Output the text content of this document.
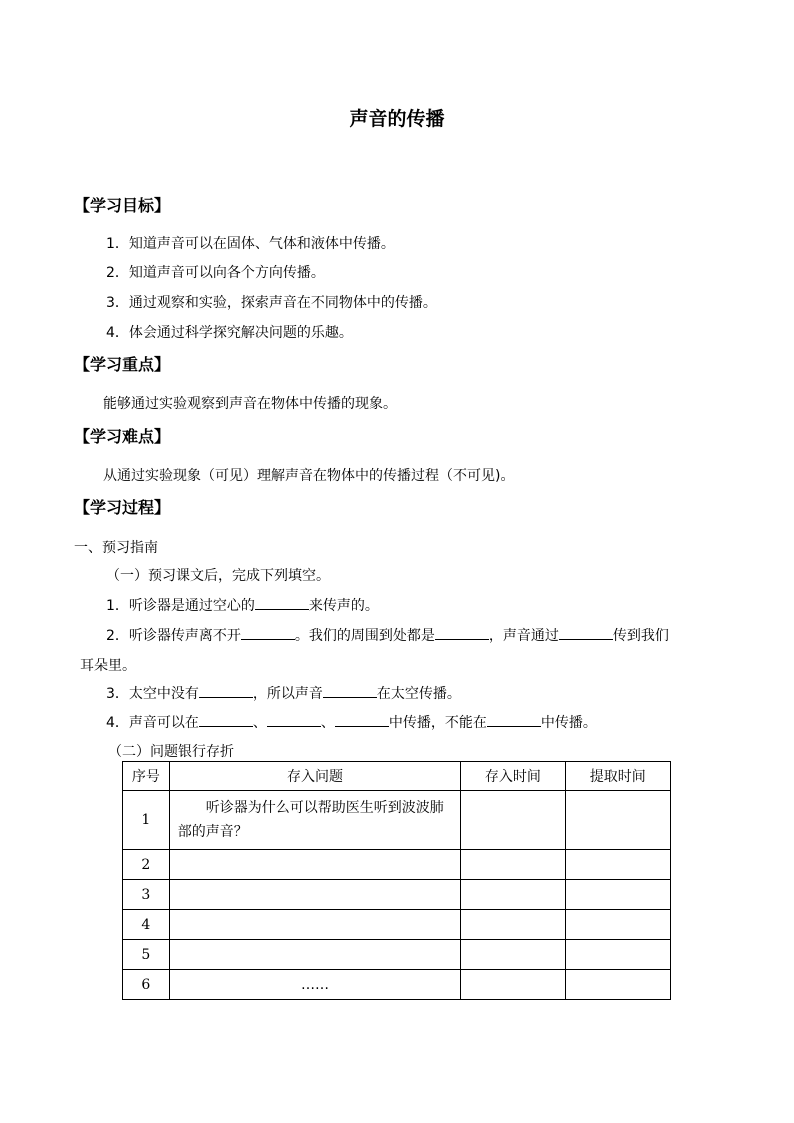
声音的传播
【学习目标】
1．知道声音可以在固体、气体和液体中传播。
2．知道声音可以向各个方向传播。
3．通过观察和实验，探索声音在不同物体中的传播。
4．体会通过科学探究解决问题的乐趣。
【学习重点】
能够通过实验观察到声音在物体中传播的现象。
【学习难点】
从通过实验现象（可见）理解声音在物体中的传播过程（不可见)。
【学习过程】
一、预习指南
（一）预习课文后，完成下列填空。
1．听诊器是通过空心的	来传声的。
2．听诊器传声离不开	。我们的周围到处都是	，声音通过	传到我们
耳朵里。
3．太空中没有	，所以声音	在太空传播。
4．声音可以在	、	、	中传播，不能在	中传播。
（二）问题银行存折
序号	存入问题	存入时间	提取时间
1	听诊器为什么可以帮助医生听到波波肺部的声音？		
2			
3			
4			
5			
6	……		
